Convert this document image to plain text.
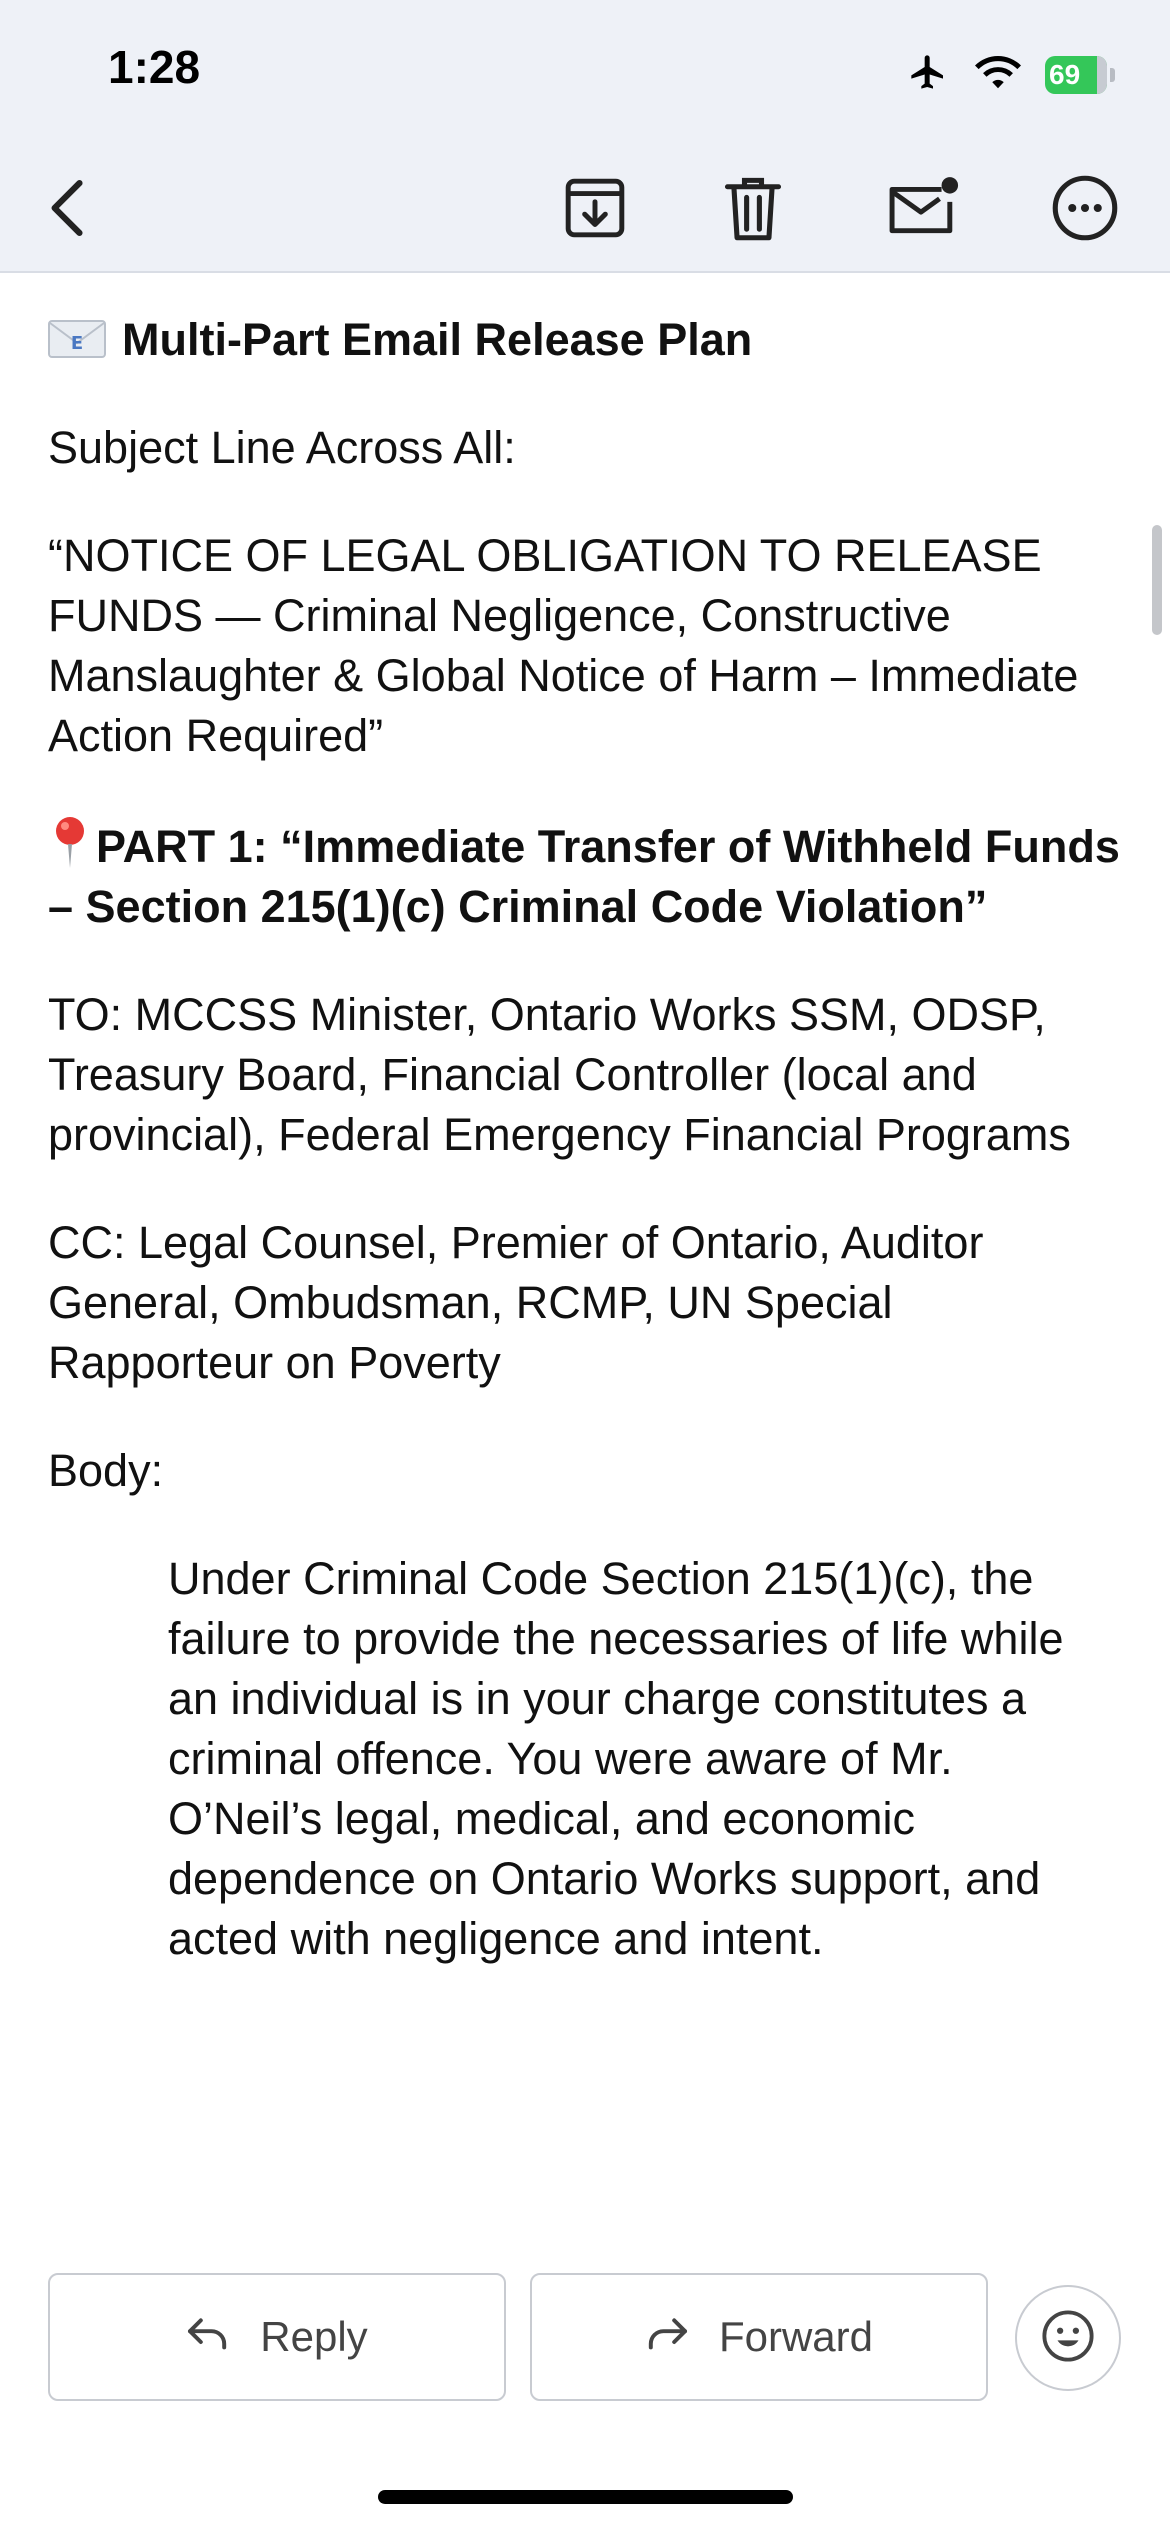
1:28	69

E Multi-Part Email Release Plan

Subject Line Across All:

“NOTICE OF LEGAL OBLIGATION TO RELEASE FUNDS — Criminal Negligence, Constructive Manslaughter & Global Notice of Harm – Immediate Action Required”

PART 1: “Immediate Transfer of Withheld Funds – Section 215(1)(c) Criminal Code Violation”

TO: MCCSS Minister, Ontario Works SSM, ODSP, Treasury Board, Financial Controller (local and provincial), Federal Emergency Financial Programs

CC: Legal Counsel, Premier of Ontario, Auditor General, Ombudsman, RCMP, UN Special Rapporteur on Poverty

Body:

Under Criminal Code Section 215(1)(c), the failure to provide the necessaries of life while an individual is in your charge constitutes a criminal offence. You were aware of Mr. O’Neil’s legal, medical, and economic dependence on Ontario Works support, and acted with negligence and intent.

Reply	Forward
